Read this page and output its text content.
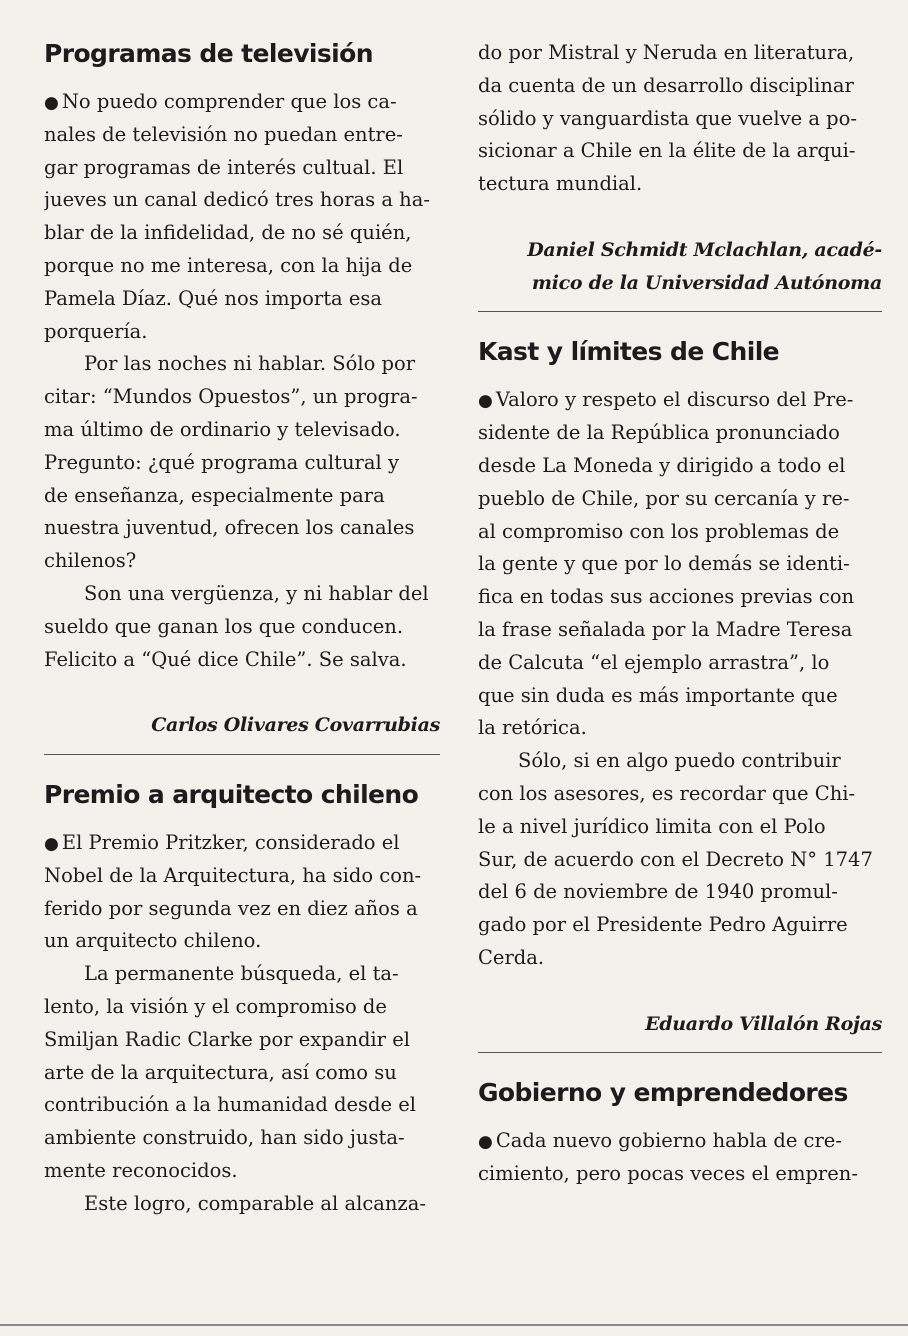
Programas de televisión
● No puedo comprender que los ca-
nales de televisión no puedan entre-
gar programas de interés cultual. El
jueves un canal dedicó tres horas a ha-
blar de la infidelidad, de no sé quién,
porque no me interesa, con la hija de
Pamela Díaz. Qué nos importa esa
porquería.
Por las noches ni hablar. Sólo por
citar: “Mundos Opuestos”, un progra-
ma último de ordinario y televisado.
Pregunto: ¿qué programa cultural y
de enseñanza, especialmente para
nuestra juventud, ofrecen los canales
chilenos?
Son una vergüenza, y ni hablar del
sueldo que ganan los que conducen.
Felicito a “Qué dice Chile”. Se salva.
Carlos Olivares Covarrubias
Premio a arquitecto chileno
● El Premio Pritzker, considerado el
Nobel de la Arquitectura, ha sido con-
ferido por segunda vez en diez años a
un arquitecto chileno.
La permanente búsqueda, el ta-
lento, la visión y el compromiso de
Smiljan Radic Clarke por expandir el
arte de la arquitectura, así como su
contribución a la humanidad desde el
ambiente construido, han sido justa-
mente reconocidos.
Este logro, comparable al alcanza-
do por Mistral y Neruda en literatura,
da cuenta de un desarrollo disciplinar
sólido y vanguardista que vuelve a po-
sicionar a Chile en la élite de la arqui-
tectura mundial.
Daniel Schmidt Mclachlan, acadé-
mico de la Universidad Autónoma
Kast y límites de Chile
● Valoro y respeto el discurso del Pre-
sidente de la República pronunciado
desde La Moneda y dirigido a todo el
pueblo de Chile, por su cercanía y re-
al compromiso con los problemas de
la gente y que por lo demás se identi-
fica en todas sus acciones previas con
la frase señalada por la Madre Teresa
de Calcuta “el ejemplo arrastra”, lo
que sin duda es más importante que
la retórica.
Sólo, si en algo puedo contribuir
con los asesores, es recordar que Chi-
le a nivel jurídico limita con el Polo
Sur, de acuerdo con el Decreto N° 1747
del 6 de noviembre de 1940 promul-
gado por el Presidente Pedro Aguirre
Cerda.
Eduardo Villalón Rojas
Gobierno y emprendedores
● Cada nuevo gobierno habla de cre-
cimiento, pero pocas veces el empren-
